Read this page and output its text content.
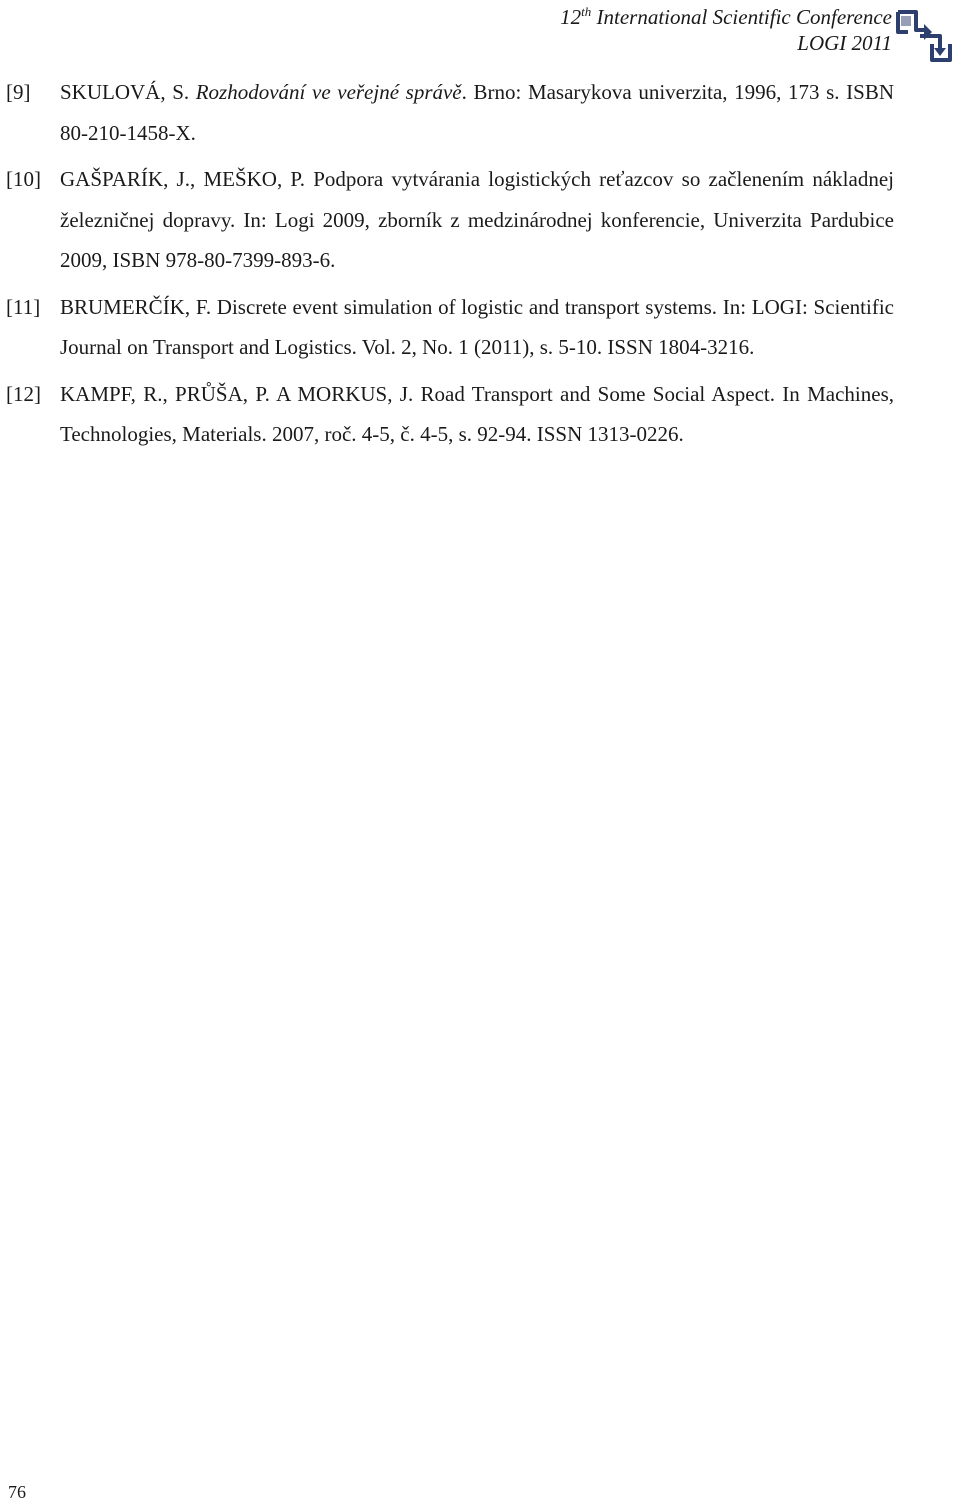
12th International Scientific Conference
LOGI 2011
[9]	SKULOVÁ, S. Rozhodování ve veřejné správě. Brno: Masarykova univerzita, 1996, 173 s. ISBN 80-210-1458-X.
[10] GAŠPARÍK, J., MEŠKO, P. Podpora vytvárania logistických reťazcov so začlenením nákladnej železničnej dopravy. In: Logi 2009, zborník z medzinárodnej konferencie, Univerzita Pardubice 2009, ISBN 978-80-7399-893-6.
[11] BRUMERČÍK, F. Discrete event simulation of logistic and transport systems. In: LOGI: Scientific Journal on Transport and Logistics. Vol. 2, No. 1 (2011), s. 5-10. ISSN 1804-3216.
[12] KAMPF, R., PRŮŠA, P. A MORKUS, J. Road Transport and Some Social Aspect. In Machines, Technologies, Materials. 2007, roč. 4-5, č. 4-5, s. 92-94. ISSN 1313-0226.
76
